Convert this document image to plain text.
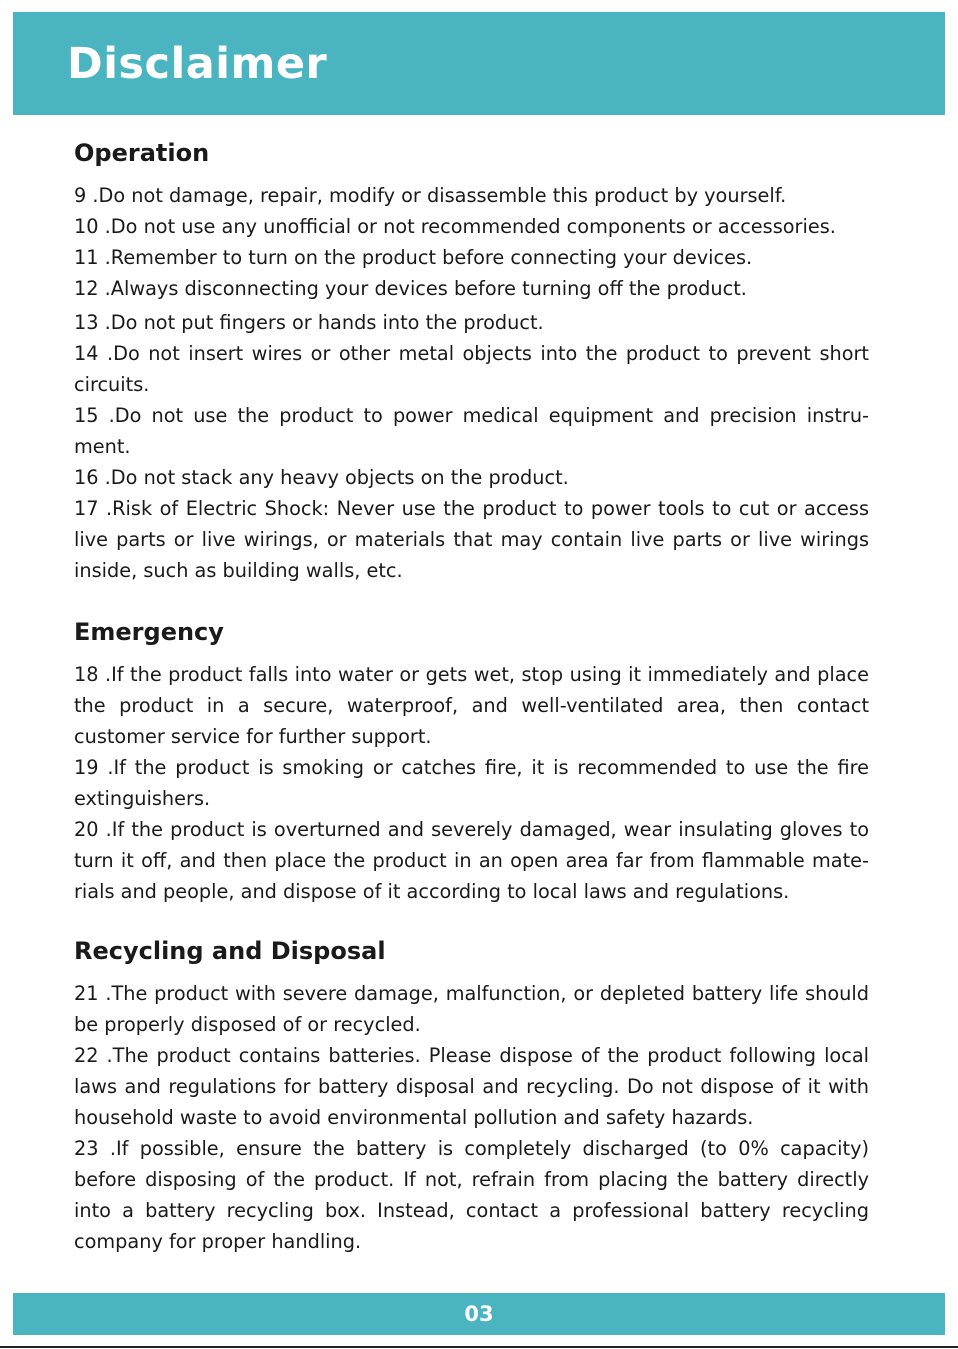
Disclaimer
Operation

9 .Do not damage, repair, modify or disassemble this product by yourself.

10 .Do not use any unofficial or not recommended components or accessories.

11 .Remember to turn on the product before connecting your devices.

12 .Always disconnecting your devices before turning off the product.

13 .Do not put fingers or hands into the product.

14 .Do not insert wires or other metal objects into the product to prevent short circuits.

15 .Do not use the product to power medical equipment and precision instru-ment.

16 .Do not stack any heavy objects on the product.

17 .Risk of Electric Shock: Never use the product to power tools to cut or access live parts or live wirings, or materials that may contain live parts or live wirings inside, such as building walls, etc.

Emergency

18 .If the product falls into water or gets wet, stop using it immediately and place the product in a secure, waterproof, and well-ventilated area, then contact customer service for further support.

19 .If the product is smoking or catches fire, it is recommended to use the fire extinguishers.

20 .If the product is overturned and severely damaged, wear insulating gloves to turn it off, and then place the product in an open area far from flammable mate-rials and people, and dispose of it according to local laws and regulations.

Recycling and Disposal

21 .The product with severe damage, malfunction, or depleted battery life should be properly disposed of or recycled.

22 .The product contains batteries. Please dispose of the product following local laws and regulations for battery disposal and recycling. Do not dispose of it with household waste to avoid environmental pollution and safety hazards.

23 .If possible, ensure the battery is completely discharged (to 0% capacity) before disposing of the product. If not, refrain from placing the battery directly into a battery recycling box. Instead, contact a professional battery recycling company for proper handling.

03
